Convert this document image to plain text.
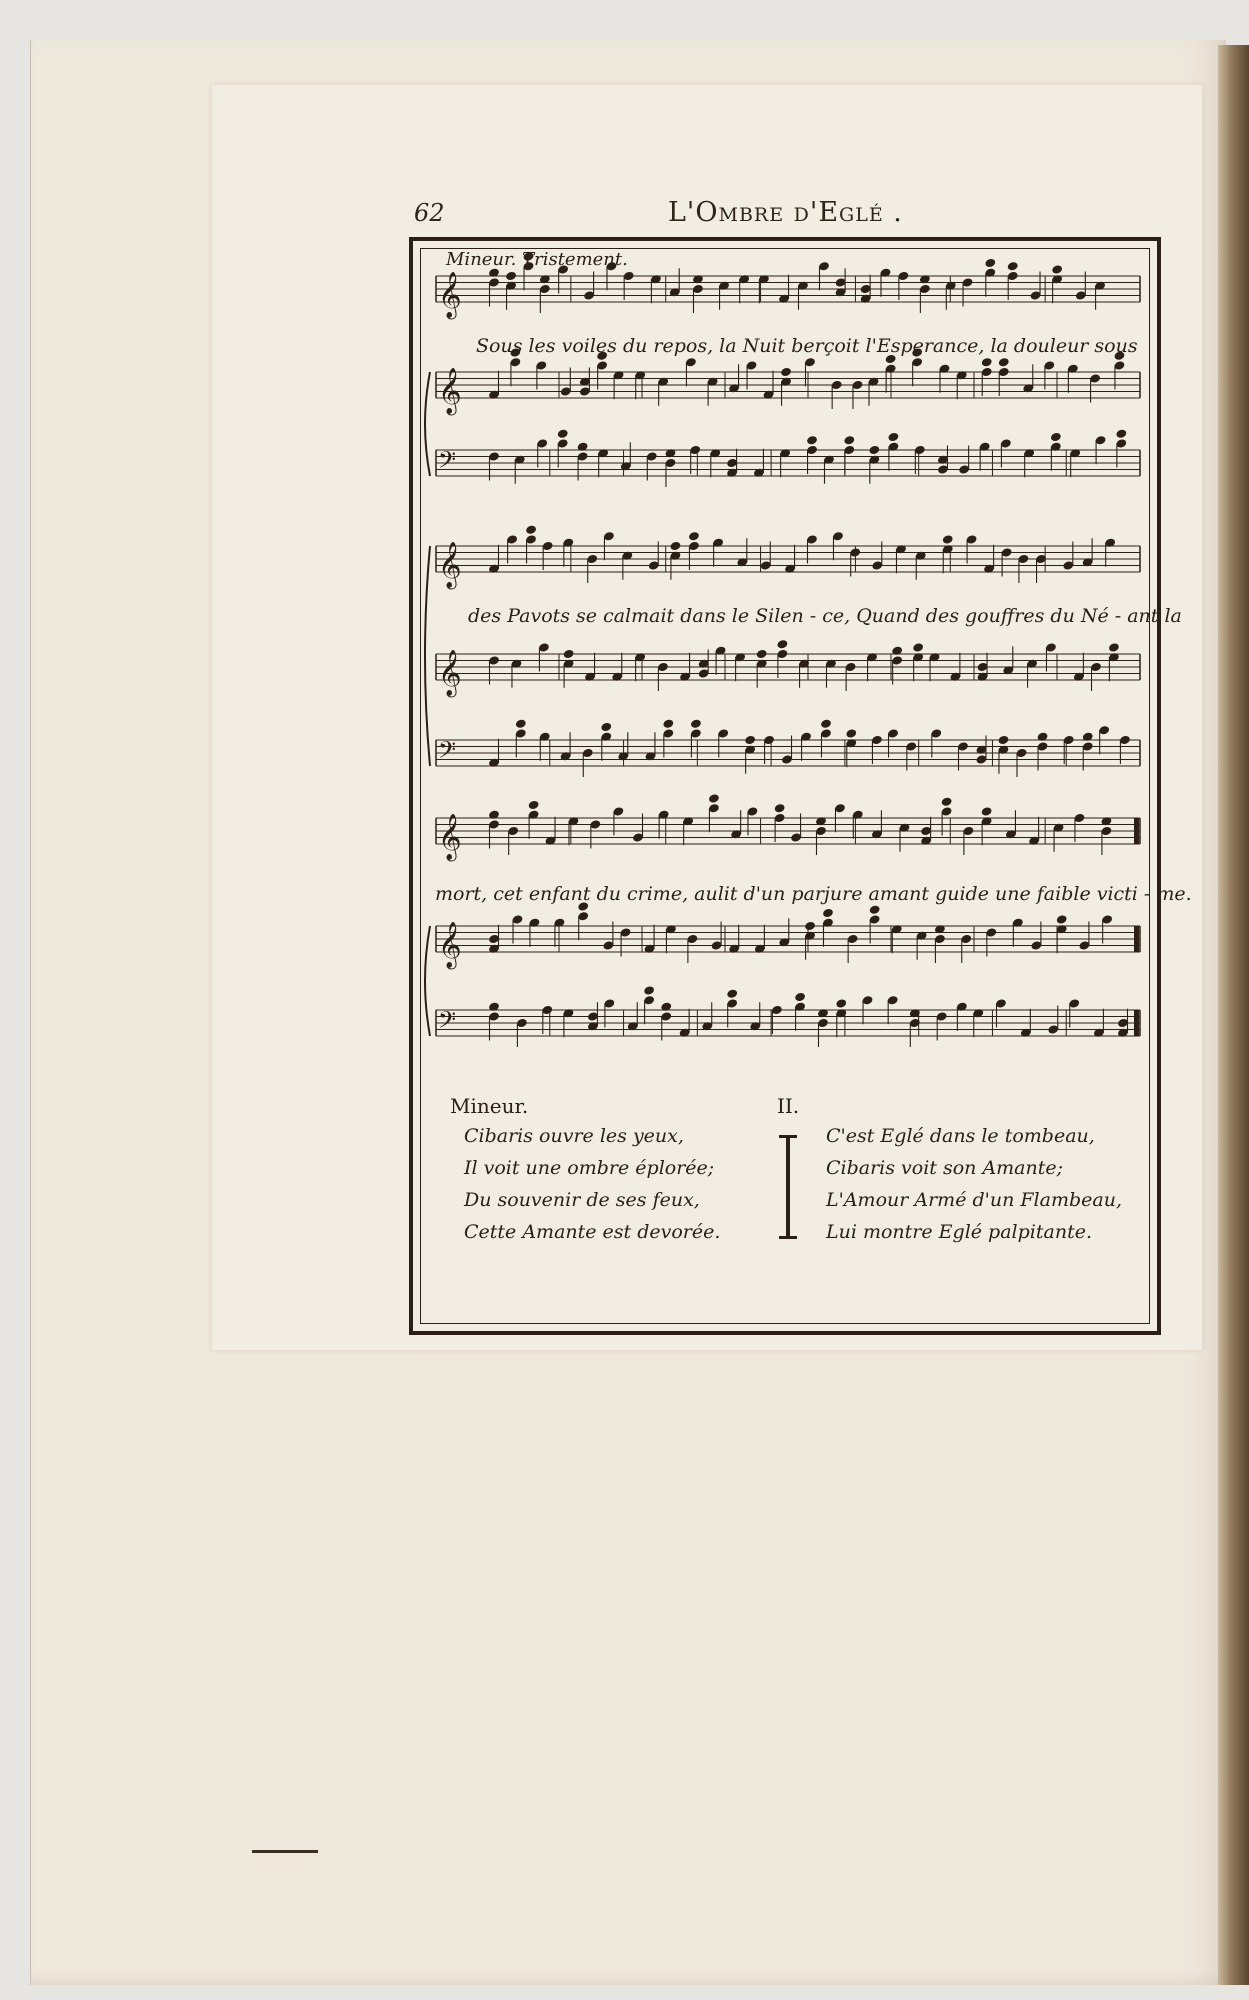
62	L'Ombre d'Eglé .
𝄞
𝄞
𝄢
𝄞
𝄞
𝄢
𝄞
𝄞
𝄢
Mineur. Tristement.
Sous les voiles du repos, la Nuit berçoit l'Esperance, la douleur sous
des Pavots se calmait dans le Silen - ce, Quand des gouffres du Né - ant la
mort, cet enfant du crime, aulit d'un parjure amant guide une faible victi - me.
Mineur.	II.
Cibaris ouvre les yeux,
Il voit une ombre éplorée;
Du souvenir de ses feux,
Cette Amante est devorée.
C'est Eglé dans le tombeau,
Cibaris voit son Amante;
L'Amour Armé d'un Flambeau,
Lui montre Eglé palpitante.
